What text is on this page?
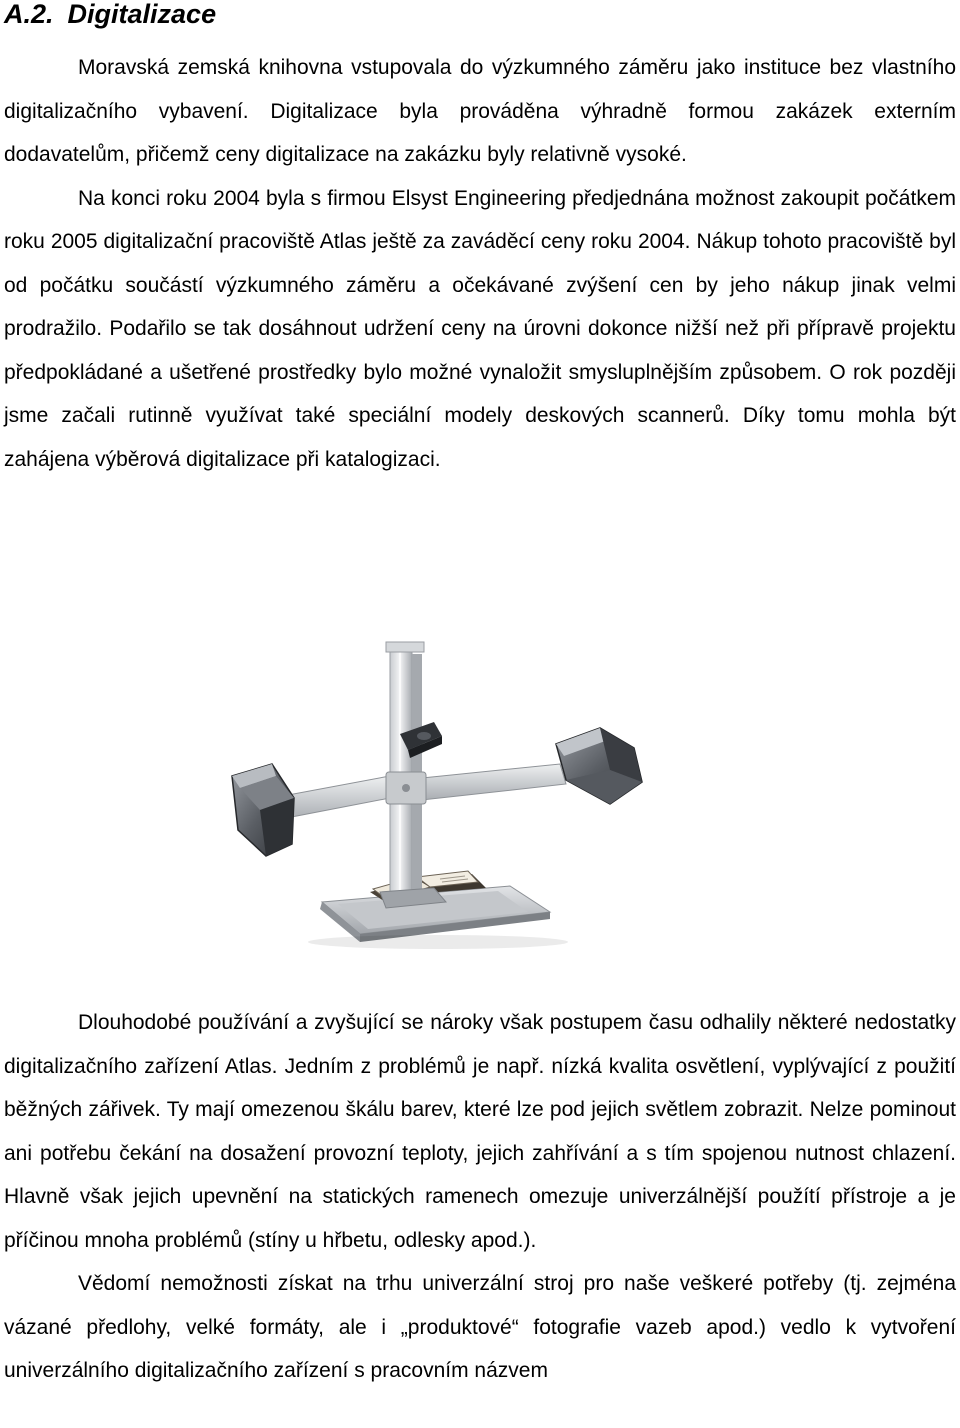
A.2. Digitalizace

Moravská zemská knihovna vstupovala do výzkumného záměru jako instituce bez vlastního digitalizačního vybavení. Digitalizace byla prováděna výhradně formou zakázek externím dodavatelům, přičemž ceny digitalizace na zakázku byly relativně vysoké.

Na konci roku 2004 byla s firmou Elsyst Engineering předjednána možnost zakoupit počátkem roku 2005 digitalizační pracoviště Atlas ještě za zaváděcí ceny roku 2004. Nákup tohoto pracoviště byl od počátku součástí výzkumného záměru a očekávané zvýšení cen by jeho nákup jinak velmi prodražilo. Podařilo se tak dosáhnout udržení ceny na úrovni dokonce nižší než při přípravě projektu předpokládané a ušetřené prostředky bylo možné vynaložit smysluplnějším způsobem. O rok později jsme začali rutinně využívat také speciální modely deskových scannerů. Díky tomu mohla být zahájena výběrová digitalizace při katalogizaci.

Dlouhodobé používání a zvyšující se nároky však postupem času odhalily některé nedostatky digitalizačního zařízení Atlas. Jedním z problémů je např. nízká kvalita osvětlení, vyplývající z použití běžných zářivek. Ty mají omezenou škálu barev, které lze pod jejich světlem zobrazit. Nelze pominout ani potřebu čekání na dosažení provozní teploty, jejich zahřívání a s tím spojenou nutnost chlazení. Hlavně však jejich upevnění na statických ramenech omezuje univerzálnější použítí přístroje a je příčinou mnoha problémů (stíny u hřbetu, odlesky apod.).

Vědomí nemožnosti získat na trhu univerzální stroj pro naše veškeré potřeby (tj. zejména vázané předlohy, velké formáty, ale i „produktové“ fotografie vazeb apod.) vedlo k vytvoření univerzálního digitalizačního zařízení s pracovním názvem
